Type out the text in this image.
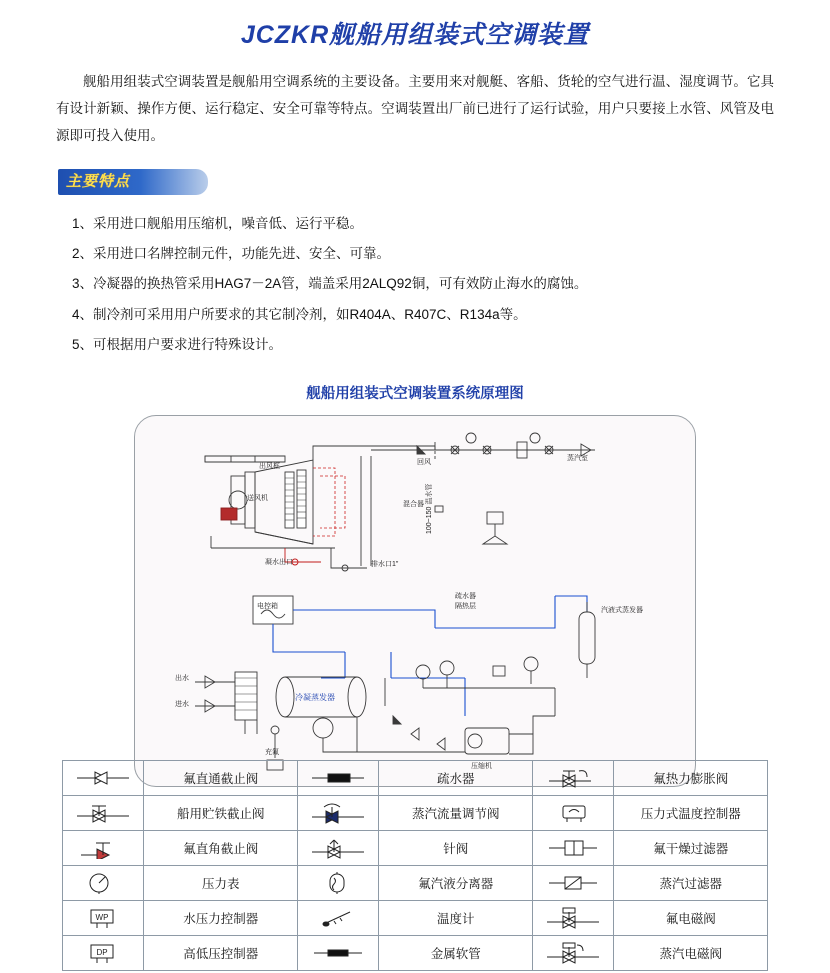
JCZKR舰船用组装式空调装置
舰船用组装式空调装置是舰船用空调系统的主要设备。主要用来对舰艇、客船、货轮的空气进行温、湿度调节。它具有设计新颖、操作方便、运行稳定、安全可靠等特点。空调装置出厂前已进行了运行试验，用户只要接上水管、风管及电源即可投入使用。
主要特点
1、采用进口舰船用压缩机，噪音低、运行平稳。
2、采用进口名牌控制元件，功能先进、安全、可靠。
3、冷凝器的换热管采用HAG7－2A管，端盖采用2ALQ92铜，可有效防止海水的腐蚀。
4、制冷剂可采用用户所要求的其它制冷剂，如R404A、R407C、R134a等。
5、可根据用户要求进行特殊设计。
舰船用组装式空调装置系统原理图
出风框
回风
蒸汽室
送风机
混合器
凝水出口	排水口1"
100~150 温水管
电控箱
疏水器
隔热层
汽液式蒸发器
出水
进水
冷凝蒸发器
充氟
压缩机
	氟直通截止阀		疏水器		氟热力膨胀阀

	船用贮铁截止阀		蒸汽流量调节阀		压力式温度控制器

	氟直角截止阀		针阀		氟干燥过滤器

	压力表		氟汽液分离器		蒸汽过滤器

WP	水压力控制器		温度计		氟电磁阀

DP	高低压控制器		金属软管		蒸汽电磁阀
